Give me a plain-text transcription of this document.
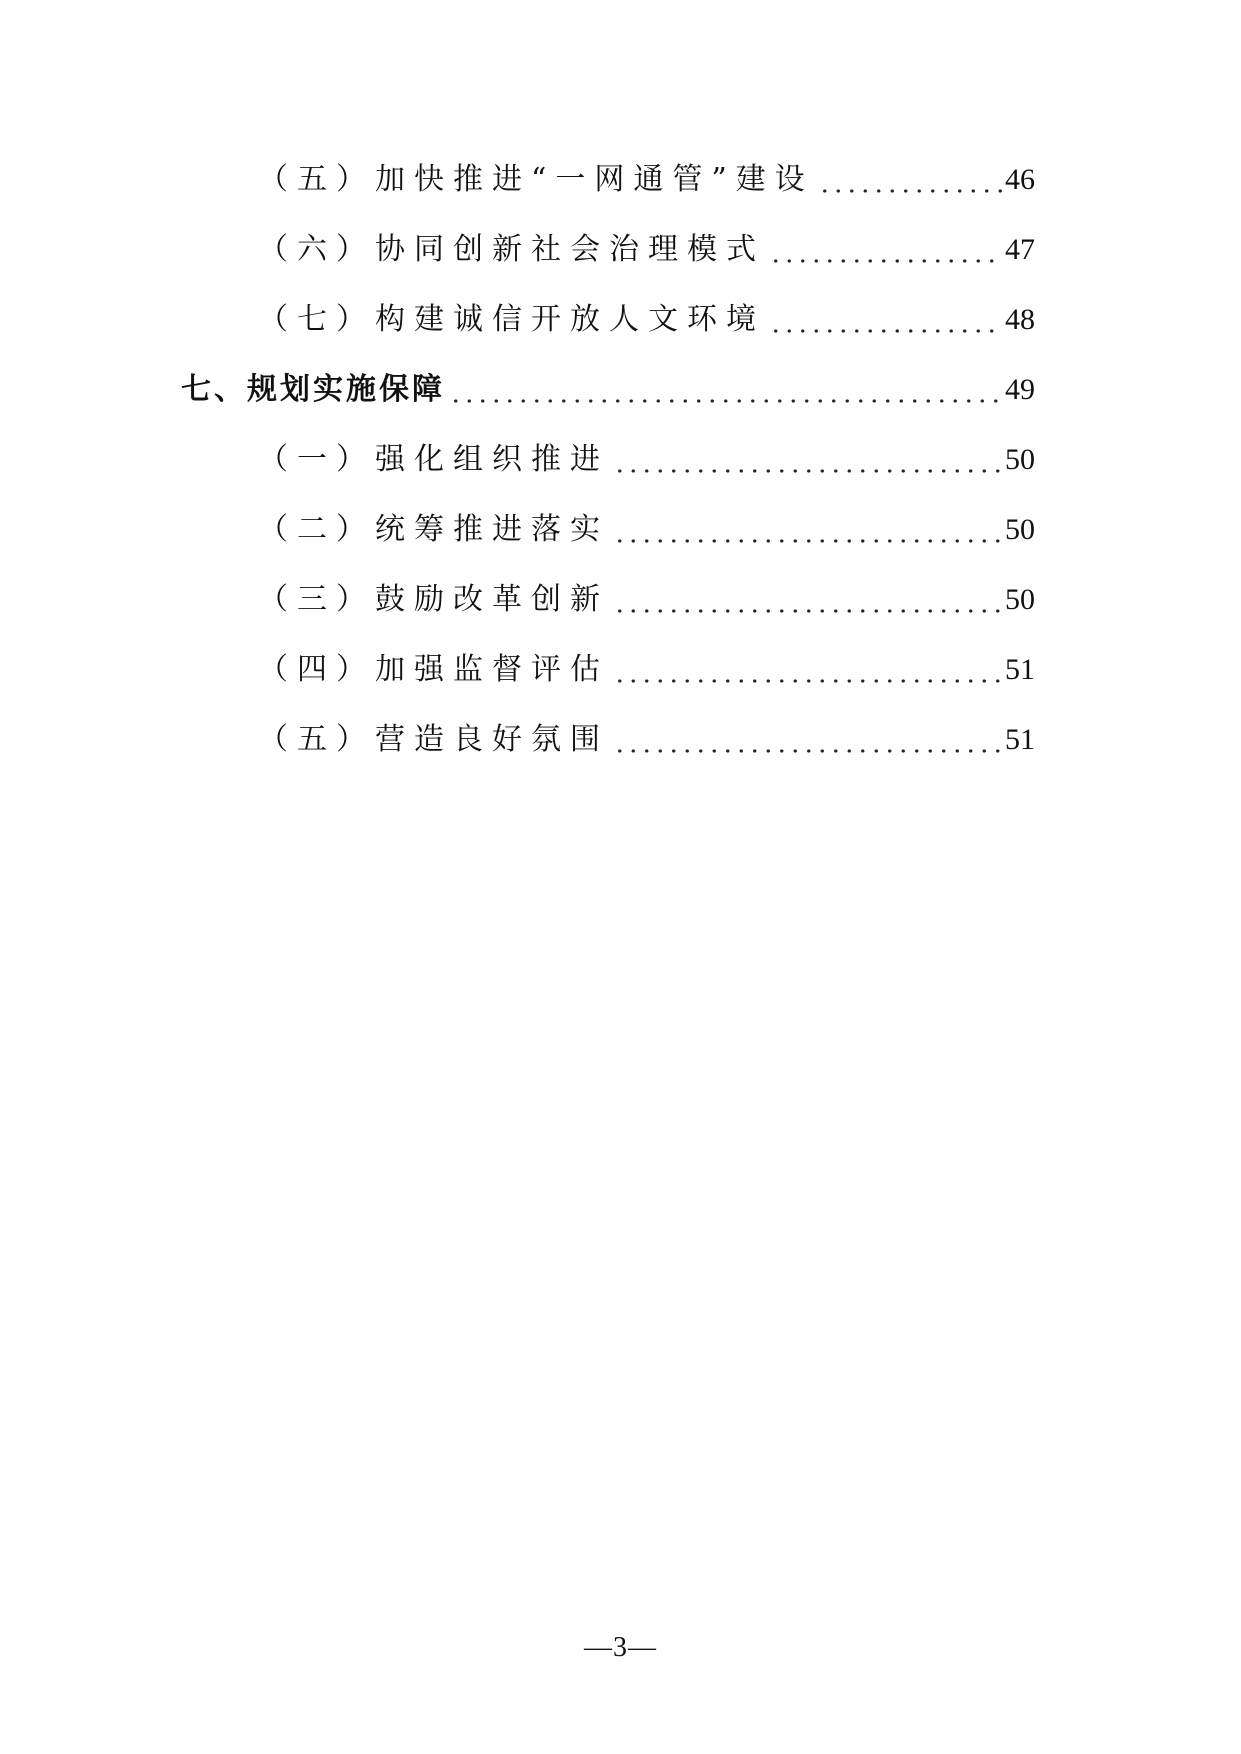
（五）加快推进“一网通管”建设	46
（六）协同创新社会治理模式	47
（七）构建诚信开放人文环境	48
七、规划实施保障	49
（一）强化组织推进	50
（二）统筹推进落实	50
（三）鼓励改革创新	50
（四）加强监督评估	51
（五）营造良好氛围	51
—3—
